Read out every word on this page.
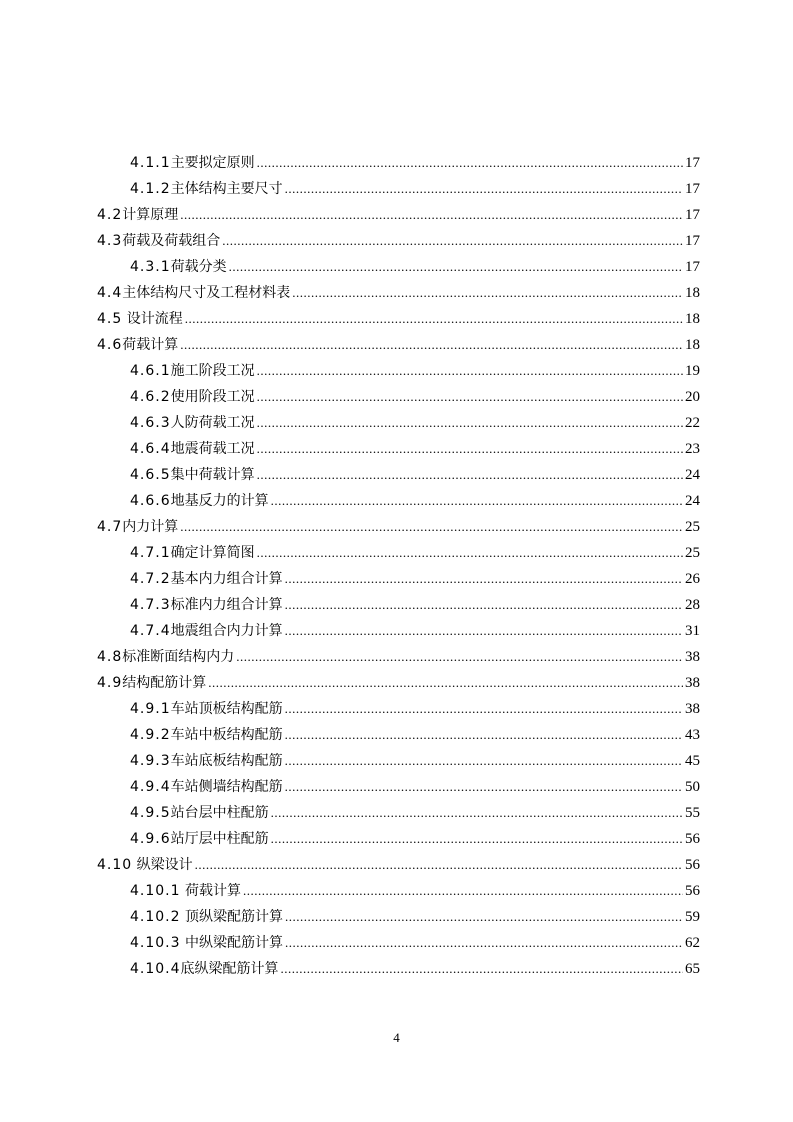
4.1.1主要拟定原则 .....	17
4.1.2主体结构主要尺寸 .....	17
4.2计算原理 .....	17
4.3荷载及荷载组合 .....	17
4.3.1荷载分类 .....	17
4.4主体结构尺寸及工程材料表 .....	18
4.5 设计流程 .....	18
4.6荷载计算 .....	18
4.6.1施工阶段工况 .....	19
4.6.2使用阶段工况 .....	20
4.6.3人防荷载工况 .....	22
4.6.4地震荷载工况 .....	23
4.6.5集中荷载计算 .....	24
4.6.6地基反力的计算 .....	24
4.7内力计算 .....	25
4.7.1确定计算简图 .....	25
4.7.2基本内力组合计算 .....	26
4.7.3标准内力组合计算 .....	28
4.7.4地震组合内力计算 .....	31
4.8标准断面结构内力 .....	38
4.9结构配筋计算 .....	38
4.9.1车站顶板结构配筋 .....	38
4.9.2车站中板结构配筋 .....	43
4.9.3车站底板结构配筋 .....	45
4.9.4车站侧墙结构配筋 .....	50
4.9.5站台层中柱配筋 .....	55
4.9.6站厅层中柱配筋 .....	56
4.10 纵梁设计 .....	56
4.10.1 荷载计算 .....	56
4.10.2 顶纵梁配筋计算 .....	59
4.10.3 中纵梁配筋计算 .....	62
4.10.4底纵梁配筋计算 .....	65
4
